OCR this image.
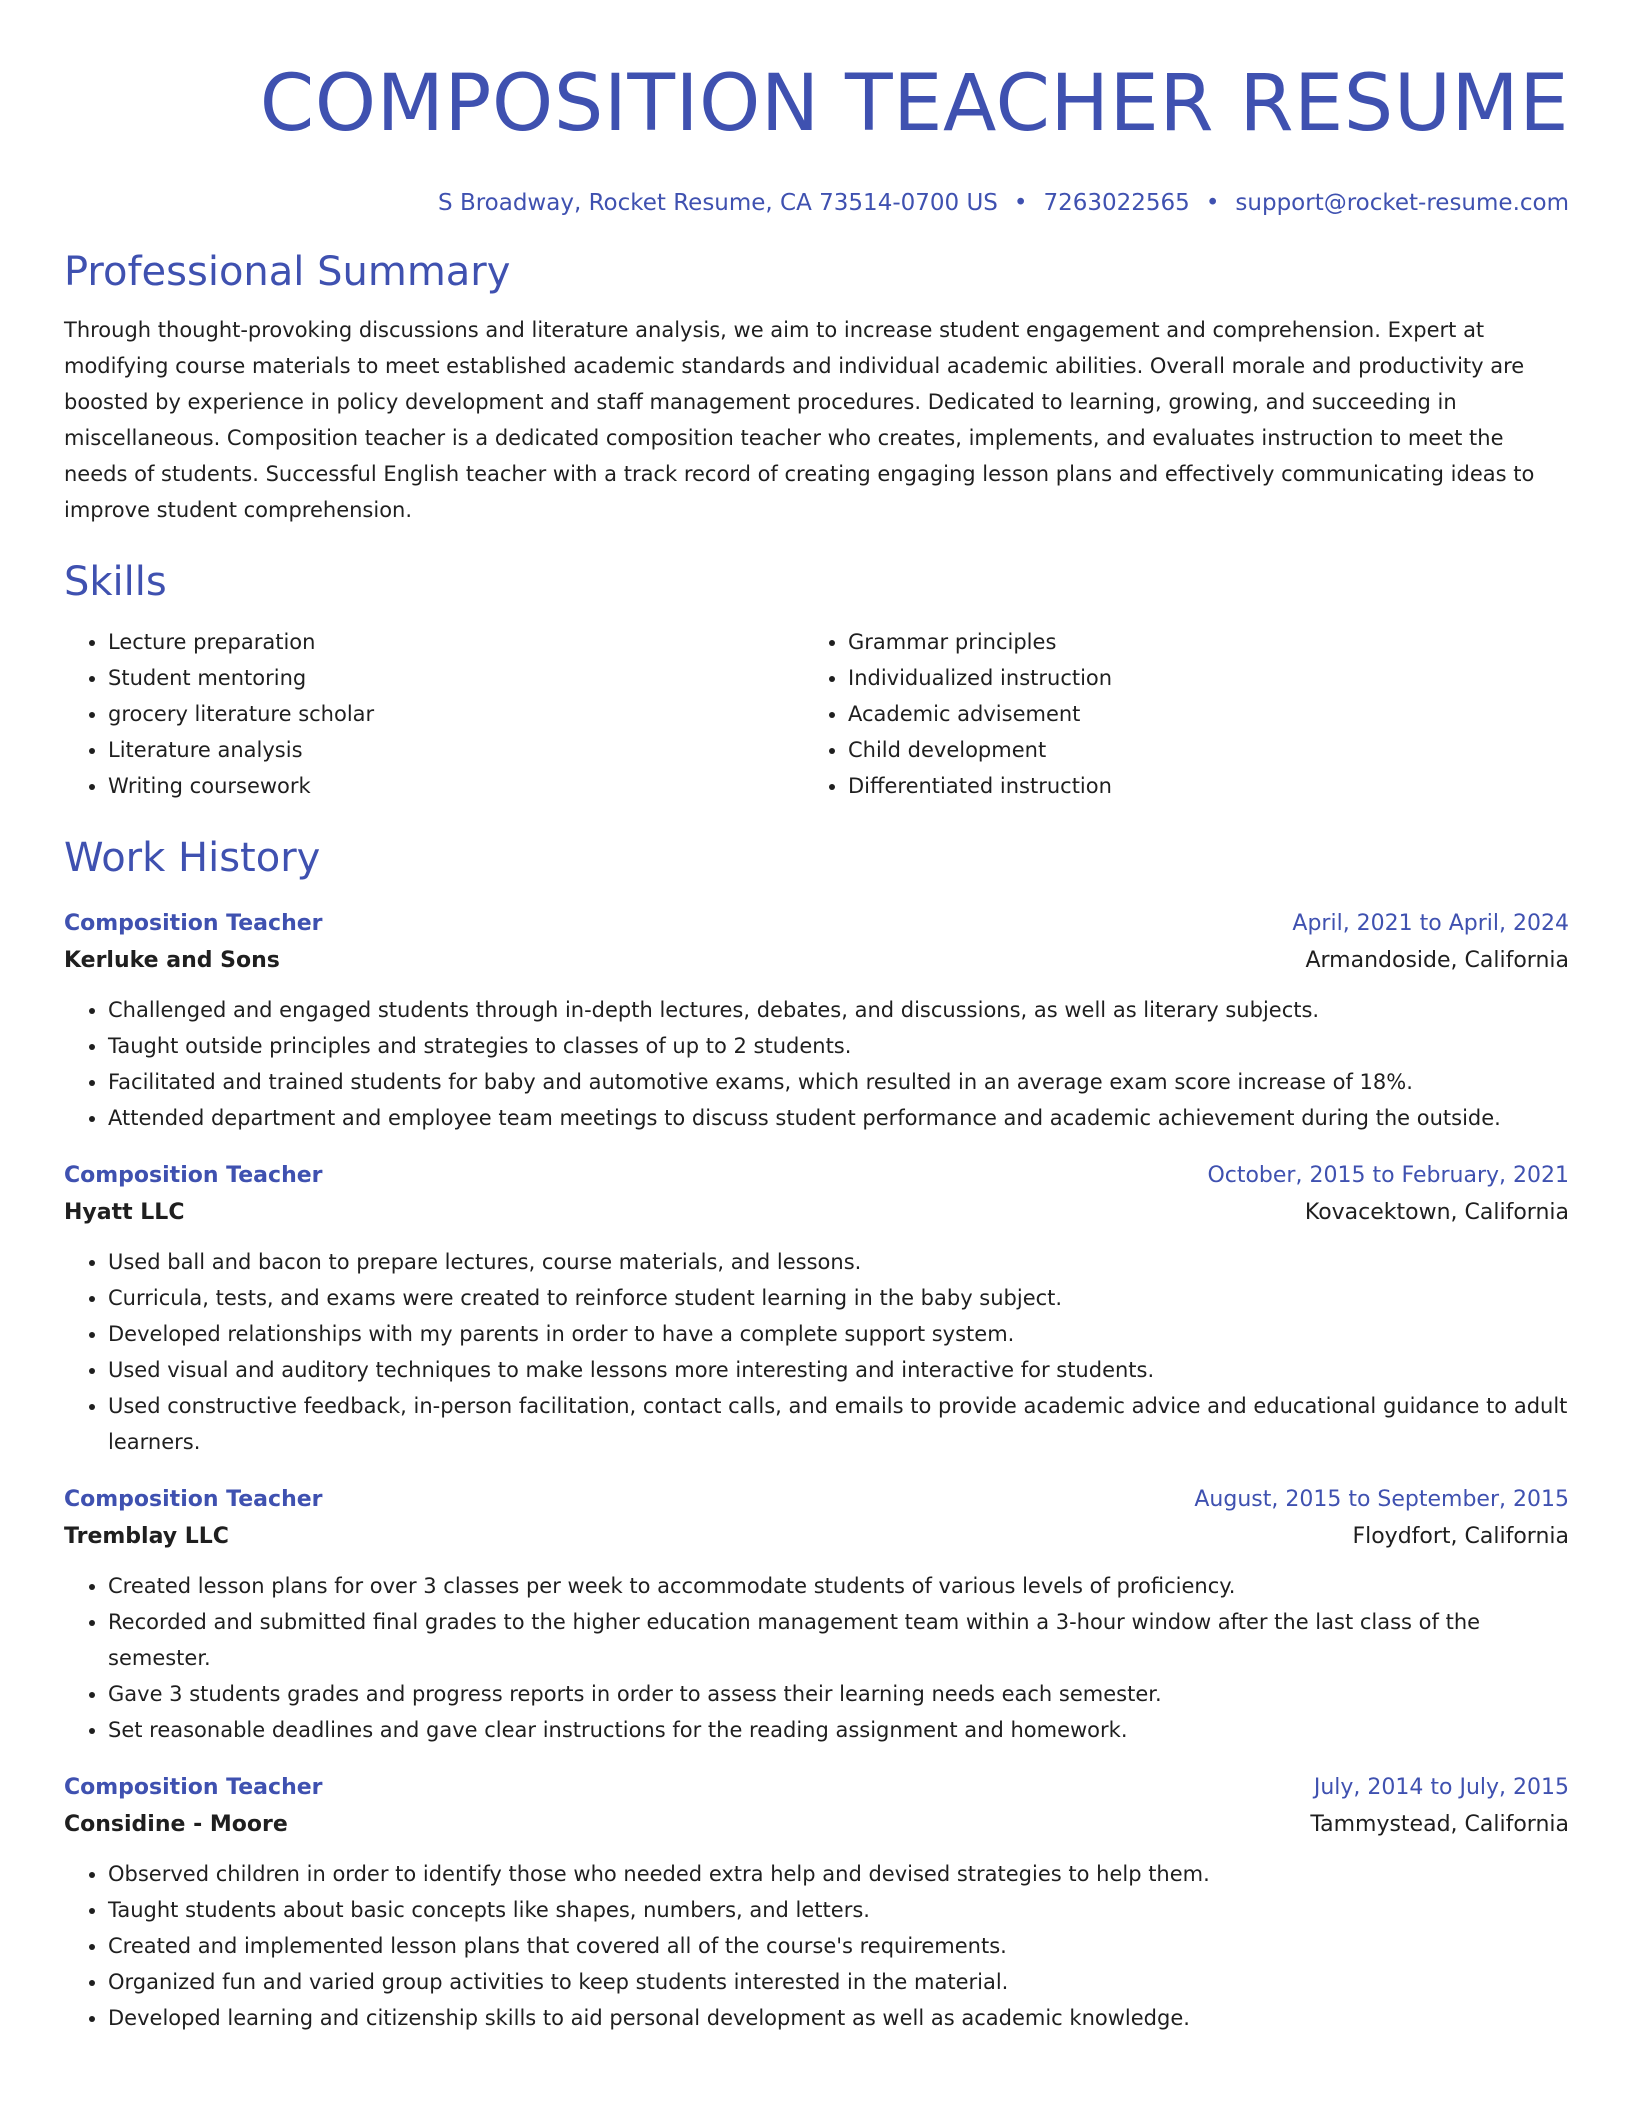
COMPOSITION TEACHER RESUME
S Broadway, Rocket Resume, CA 73514-0700 US • 7263022565 • support@rocket-resume.com
Professional Summary

Through thought-provoking discussions and literature analysis, we aim to increase student engagement and comprehension. Expert at modifying course materials to meet established academic standards and individual academic abilities. Overall morale and productivity are boosted by experience in policy development and staff management procedures. Dedicated to learning, growing, and succeeding in miscellaneous. Composition teacher is a dedicated composition teacher who creates, implements, and evaluates instruction to meet the needs of students. Successful English teacher with a track record of creating engaging lesson plans and effectively communicating ideas to improve student comprehension.

Skills
• Lecture preparation
• Student mentoring
• grocery literature scholar
• Literature analysis
• Writing coursework
• Grammar principles
• Individualized instruction
• Academic advisement
• Child development
• Differentiated instruction
Work History
Composition Teacher	April, 2021 to April, 2024
Kerluke and Sons	Armandoside, California
• Challenged and engaged students through in-depth lectures, debates, and discussions, as well as literary subjects.
• Taught outside principles and strategies to classes of up to 2 students.
• Facilitated and trained students for baby and automotive exams, which resulted in an average exam score increase of 18%.
• Attended department and employee team meetings to discuss student performance and academic achievement during the outside.
Composition Teacher	October, 2015 to February, 2021
Hyatt LLC	Kovacektown, California
• Used ball and bacon to prepare lectures, course materials, and lessons.
• Curricula, tests, and exams were created to reinforce student learning in the baby subject.
• Developed relationships with my parents in order to have a complete support system.
• Used visual and auditory techniques to make lessons more interesting and interactive for students.
• Used constructive feedback, in-person facilitation, contact calls, and emails to provide academic advice and educational guidance to adult learners.
Composition Teacher	August, 2015 to September, 2015
Tremblay LLC	Floydfort, California
• Created lesson plans for over 3 classes per week to accommodate students of various levels of proficiency.
• Recorded and submitted final grades to the higher education management team within a 3-hour window after the last class of the semester.
• Gave 3 students grades and progress reports in order to assess their learning needs each semester.
• Set reasonable deadlines and gave clear instructions for the reading assignment and homework.
Composition Teacher	July, 2014 to July, 2015
Considine - Moore	Tammystead, California
• Observed children in order to identify those who needed extra help and devised strategies to help them.
• Taught students about basic concepts like shapes, numbers, and letters.
• Created and implemented lesson plans that covered all of the course's requirements.
• Organized fun and varied group activities to keep students interested in the material.
• Developed learning and citizenship skills to aid personal development as well as academic knowledge.
